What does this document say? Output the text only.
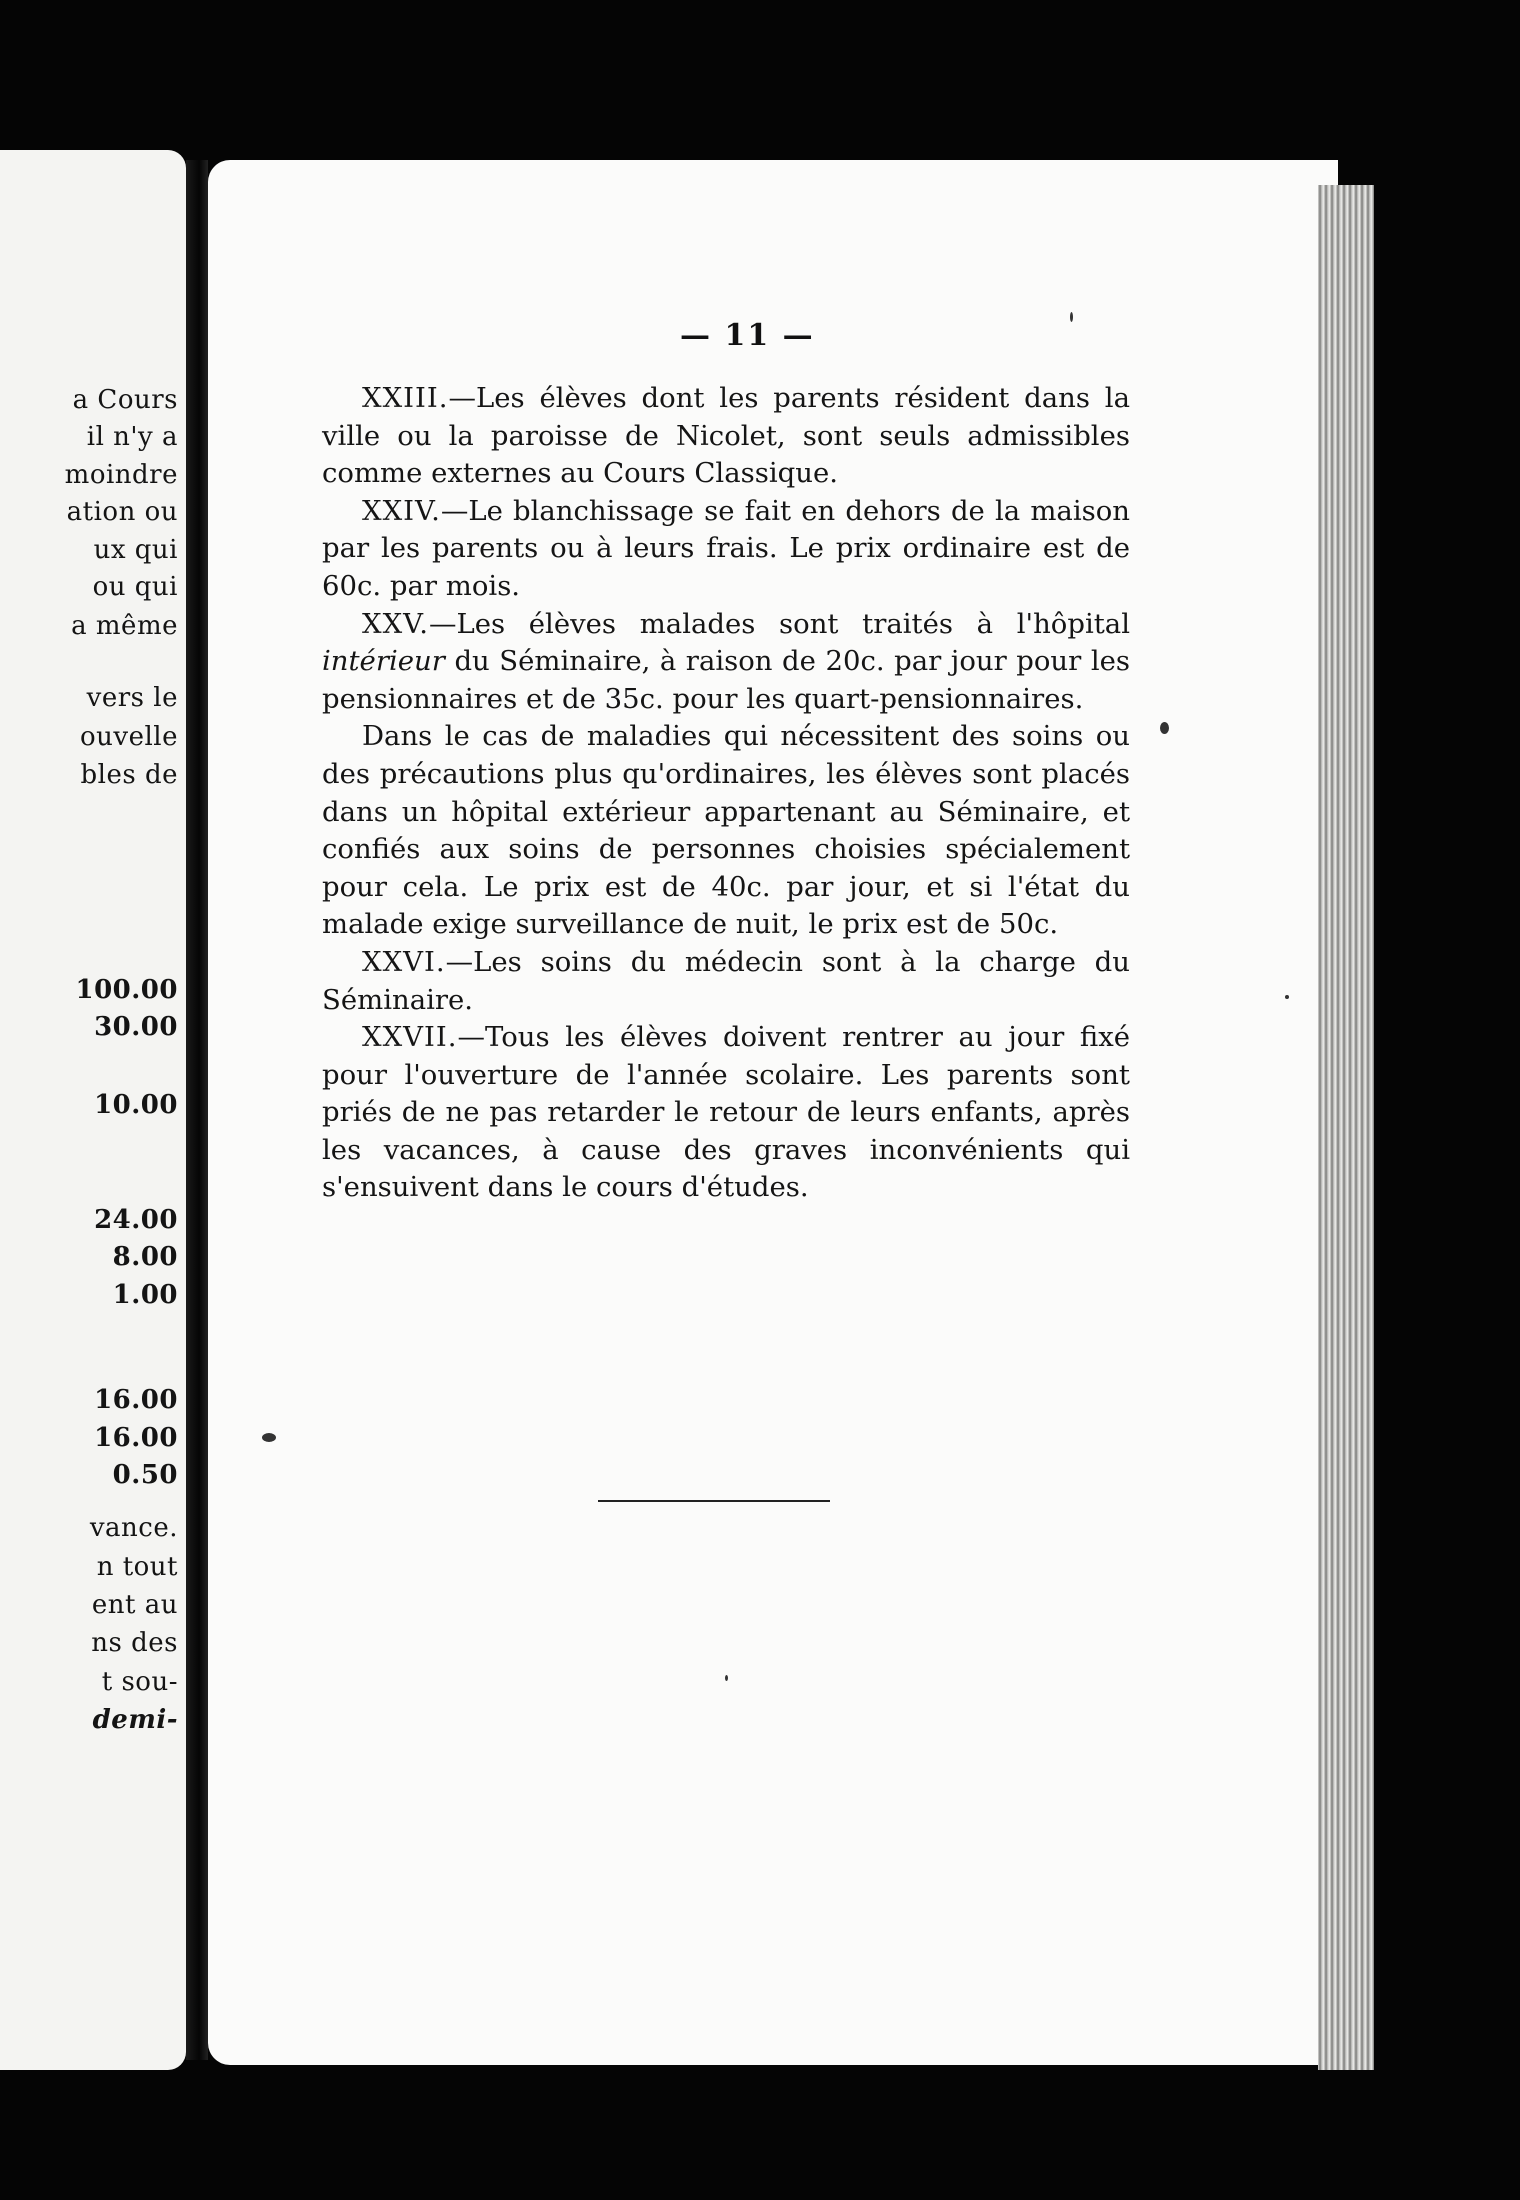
a Cours
il n'y a
moindre
ation ou
ux qui
ou qui
a même
vers le
ouvelle
bles de
100.00
30.00
10.00
24.00
8.00
1.00
16.00
16.00
0.50
vance.
n tout
ent au
ns des
t sou-
demi-
— 11 —

XXIII.—Les élèves dont les parents résident dans la ville ou la paroisse de Nicolet, sont seuls admissibles comme externes au Cours Classique.

XXIV.—Le blanchissage se fait en dehors de la maison par les parents ou à leurs frais. Le prix ordinaire est de 60c. par mois.

XXV.—Les élèves malades sont traités à l'hôpital intérieur du Séminaire, à raison de 20c. par jour pour les pensionnaires et de 35c. pour les quart-pensionnaires.

Dans le cas de maladies qui nécessitent des soins ou des précautions plus qu'ordinaires, les élèves sont placés dans un hôpital extérieur appartenant au Séminaire, et confiés aux soins de personnes choisies spécialement pour cela. Le prix est de 40c. par jour, et si l'état du malade exige surveillance de nuit, le prix est de 50c.

XXVI.—Les soins du médecin sont à la charge du Séminaire.

XXVII.—Tous les élèves doivent rentrer au jour fixé pour l'ouverture de l'année scolaire. Les parents sont priés de ne pas retarder le retour de leurs enfants, après les vacances, à cause des graves inconvénients qui s'ensuivent dans le cours d'études.
